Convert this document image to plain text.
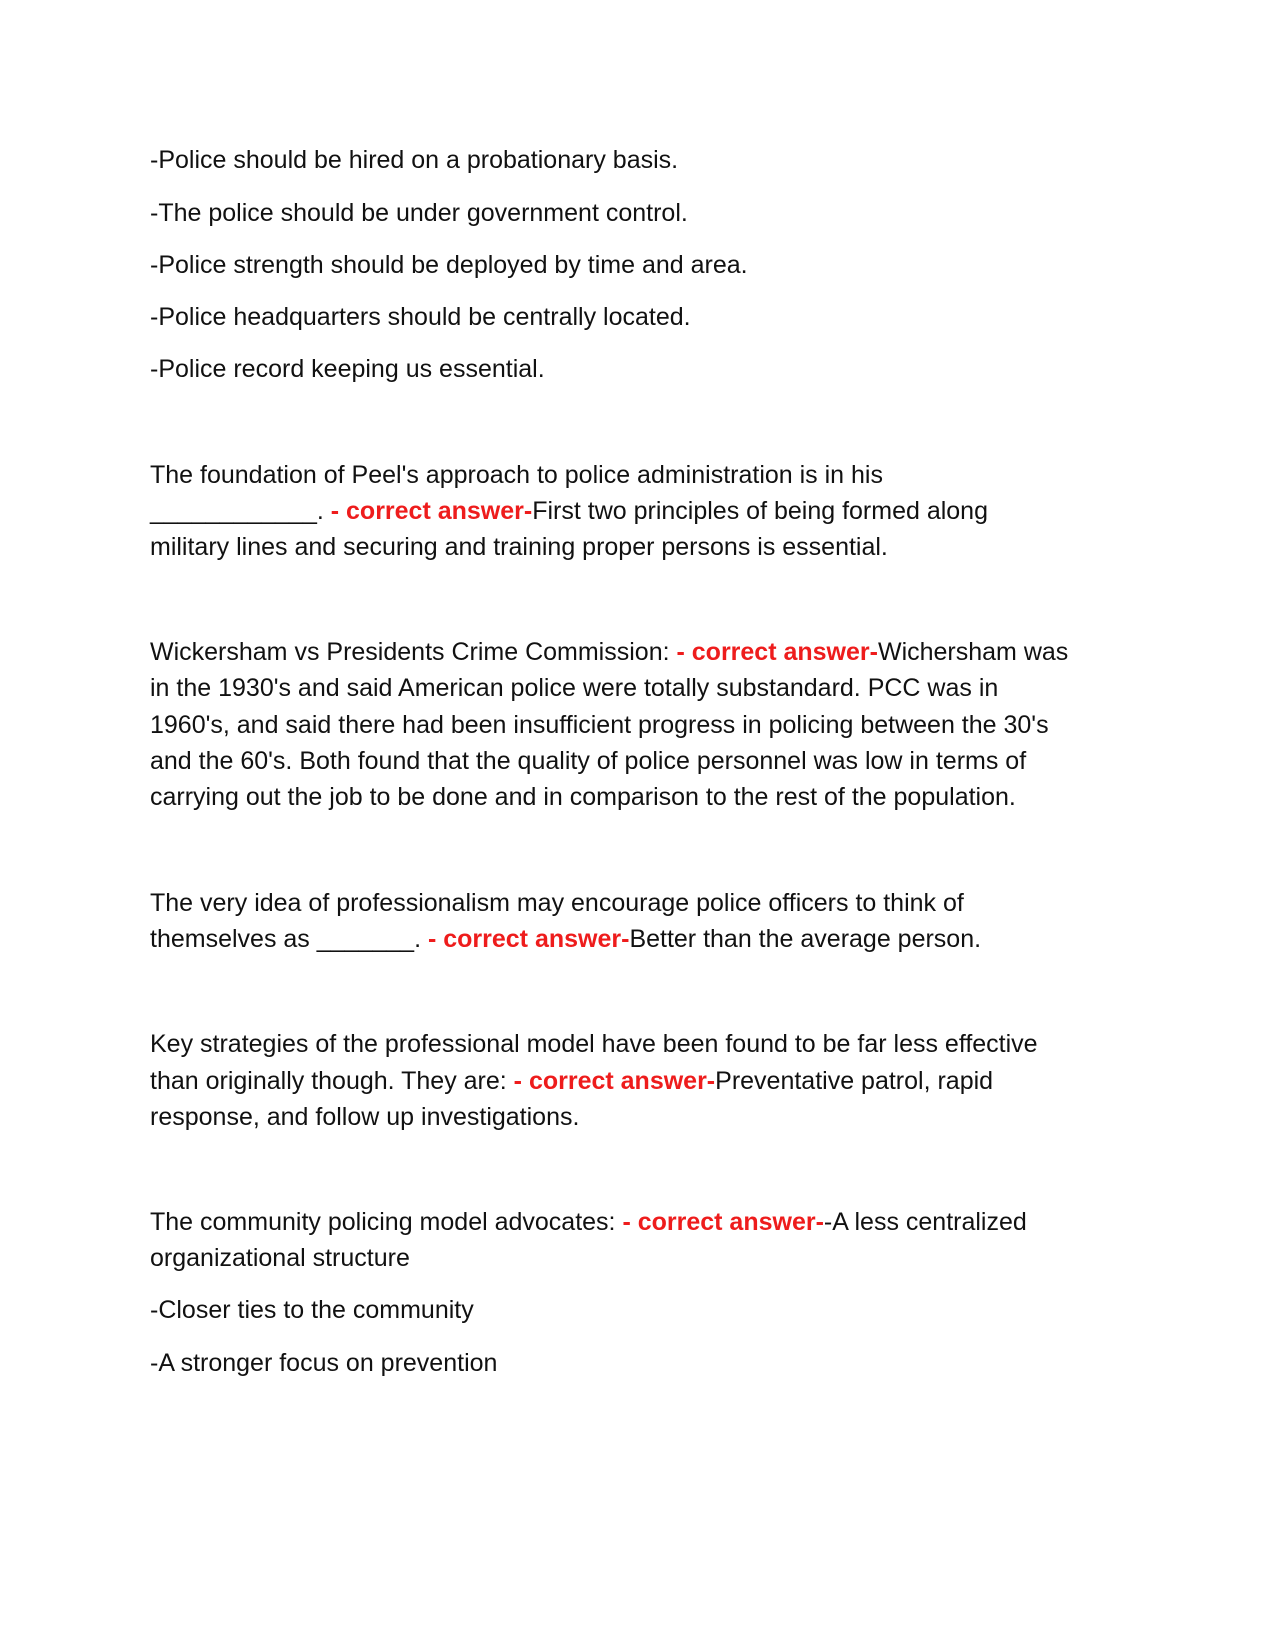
-Police should be hired on a probationary basis.

-The police should be under government control.

-Police strength should be deployed by time and area.

-Police headquarters should be centrally located.

-Police record keeping us essential.

The foundation of Peel's approach to police administration is in his

____________. - correct answer-First two principles of being formed along

military lines and securing and training proper persons is essential.

Wickersham vs Presidents Crime Commission: - correct answer-Wichersham was

in the 1930's and said American police were totally substandard. PCC was in

1960's, and said there had been insufficient progress in policing between the 30's

and the 60's. Both found that the quality of police personnel was low in terms of

carrying out the job to be done and in comparison to the rest of the population.

The very idea of professionalism may encourage police officers to think of

themselves as _______. - correct answer-Better than the average person.

Key strategies of the professional model have been found to be far less effective

than originally though. They are: - correct answer-Preventative patrol, rapid

response, and follow up investigations.

The community policing model advocates: - correct answer--A less centralized

organizational structure

-Closer ties to the community

-A stronger focus on prevention
